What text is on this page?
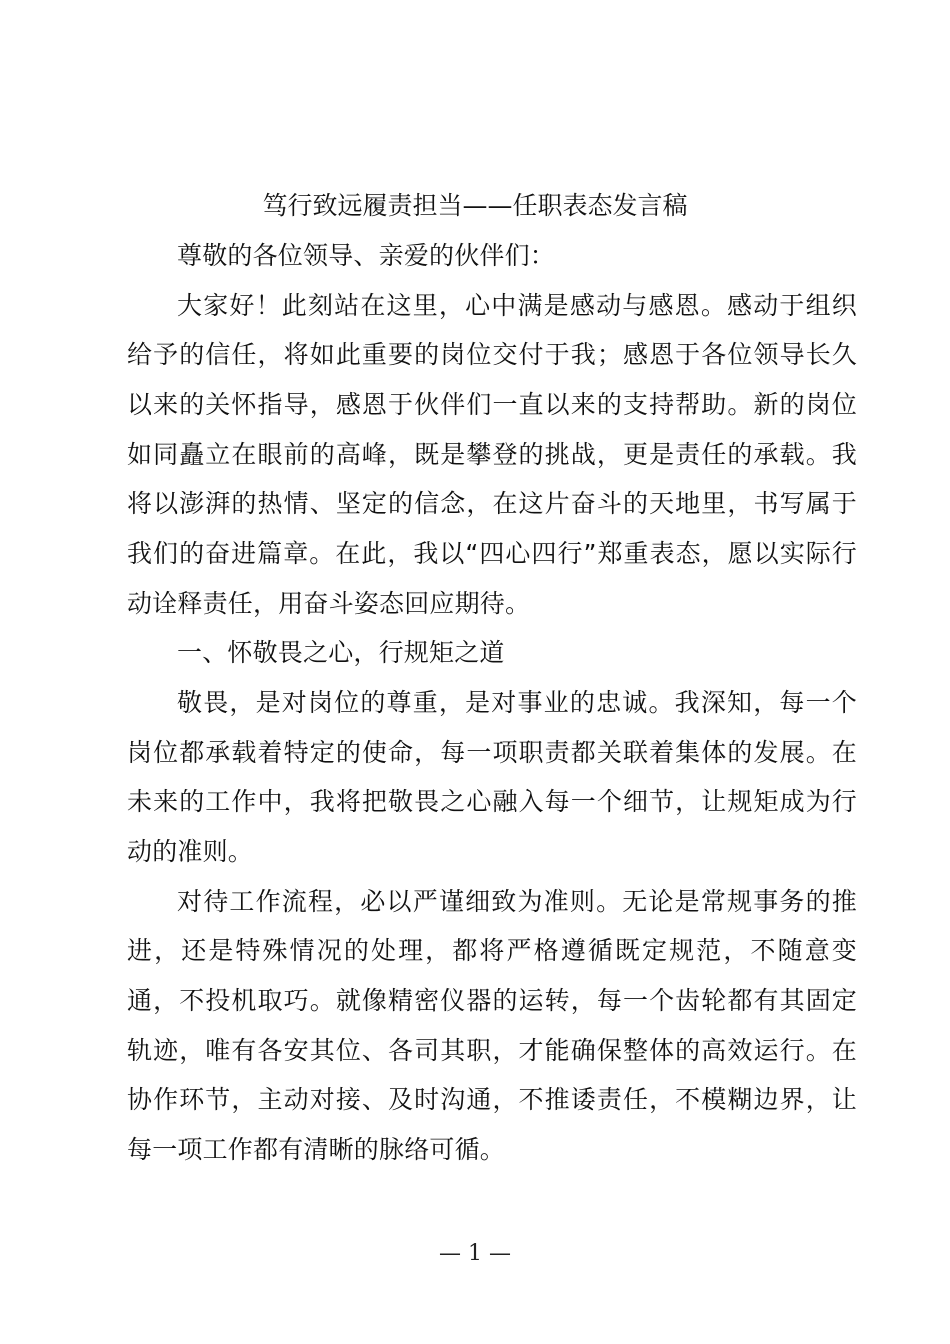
笃行致远履责担当——任职表态发言稿

尊敬的各位领导、亲爱的伙伴们：

大家好！此刻站在这里，心中满是感动与感恩。感动于组织给予的信任，将如此重要的岗位交付于我；感恩于各位领导长久以来的关怀指导，感恩于伙伴们一直以来的支持帮助。新的岗位如同矗立在眼前的高峰，既是攀登的挑战，更是责任的承载。我将以澎湃的热情、坚定的信念，在这片奋斗的天地里，书写属于我们的奋进篇章。在此，我以“四心四行”郑重表态，愿以实际行动诠释责任，用奋斗姿态回应期待。

一、怀敬畏之心，行规矩之道

敬畏，是对岗位的尊重，是对事业的忠诚。我深知，每一个岗位都承载着特定的使命，每一项职责都关联着集体的发展。在未来的工作中，我将把敬畏之心融入每一个细节，让规矩成为行动的准则。

对待工作流程，必以严谨细致为准则。无论是常规事务的推进，还是特殊情况的处理，都将严格遵循既定规范，不随意变通，不投机取巧。就像精密仪器的运转，每一个齿轮都有其固定轨迹，唯有各安其位、各司其职，才能确保整体的高效运行。在协作环节，主动对接、及时沟通，不推诿责任，不模糊边界，让每一项工作都有清晰的脉络可循。

— 1 —
